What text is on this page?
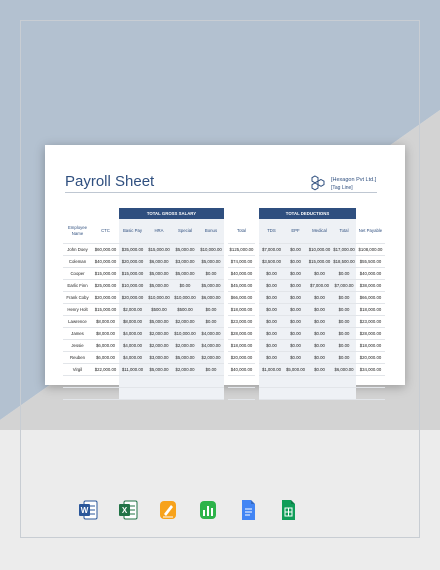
Payroll Sheet	[Hexagon Pvt Ltd.]
[Tag Line]
		TOTAL GROSS SALARY							TOTAL DEDUCTIONS				
Employee Name	CTC	Basic Pay	HRA	Special	Bonus		Total		TDS	EPF	Medical	Total	Net Payable
John Doey	$60,000.00	$35,000.00	$15,000.00	$5,000.00	$10,000.00		$125,000.00		$7,000.00	$0.00	$10,000.00	$17,000.00	$108,000.00
Coleman	$40,000.00	$20,000.00	$6,000.00	$3,000.00	$5,000.00		$74,000.00		$3,500.00	$0.00	$15,000.00	$18,500.00	$55,500.00
Cooper	$15,000.00	$15,000.00	$5,000.00	$5,000.00	$0.00		$40,000.00		$0.00	$0.00	$0.00	$0.00	$40,000.00
Earlic Finn	$25,000.00	$10,000.00	$5,000.00	$0.00	$5,000.00		$45,000.00		$0.00	$0.00	$7,000.00	$7,000.00	$38,000.00
Frank Coby	$20,000.00	$20,000.00	$10,000.00	$10,000.00	$6,000.00		$66,000.00		$0.00	$0.00	$0.00	$0.00	$66,000.00
Henry Holt	$15,000.00	$2,000.00	$500.00	$500.00	$0.00		$18,000.00		$0.00	$0.00	$0.00	$0.00	$18,000.00
Lawrence	$8,000.00	$8,000.00	$5,000.00	$2,000.00	$0.00		$23,000.00		$0.00	$0.00	$0.00	$0.00	$23,000.00
James	$8,000.00	$4,000.00	$2,000.00	$10,000.00	$4,000.00		$28,000.00		$0.00	$0.00	$0.00	$0.00	$28,000.00
Jessie	$6,000.00	$4,000.00	$2,000.00	$2,000.00	$4,000.00		$18,000.00		$0.00	$0.00	$0.00	$0.00	$18,000.00
Reuben	$6,000.00	$4,000.00	$3,000.00	$5,000.00	$2,000.00		$20,000.00		$0.00	$0.00	$0.00	$0.00	$20,000.00
Virgil	$22,000.00	$11,000.00	$5,000.00	$2,000.00	$0.00		$40,000.00		$1,000.00	$5,000.00	$0.00	$6,000.00	$34,000.00

W	X
